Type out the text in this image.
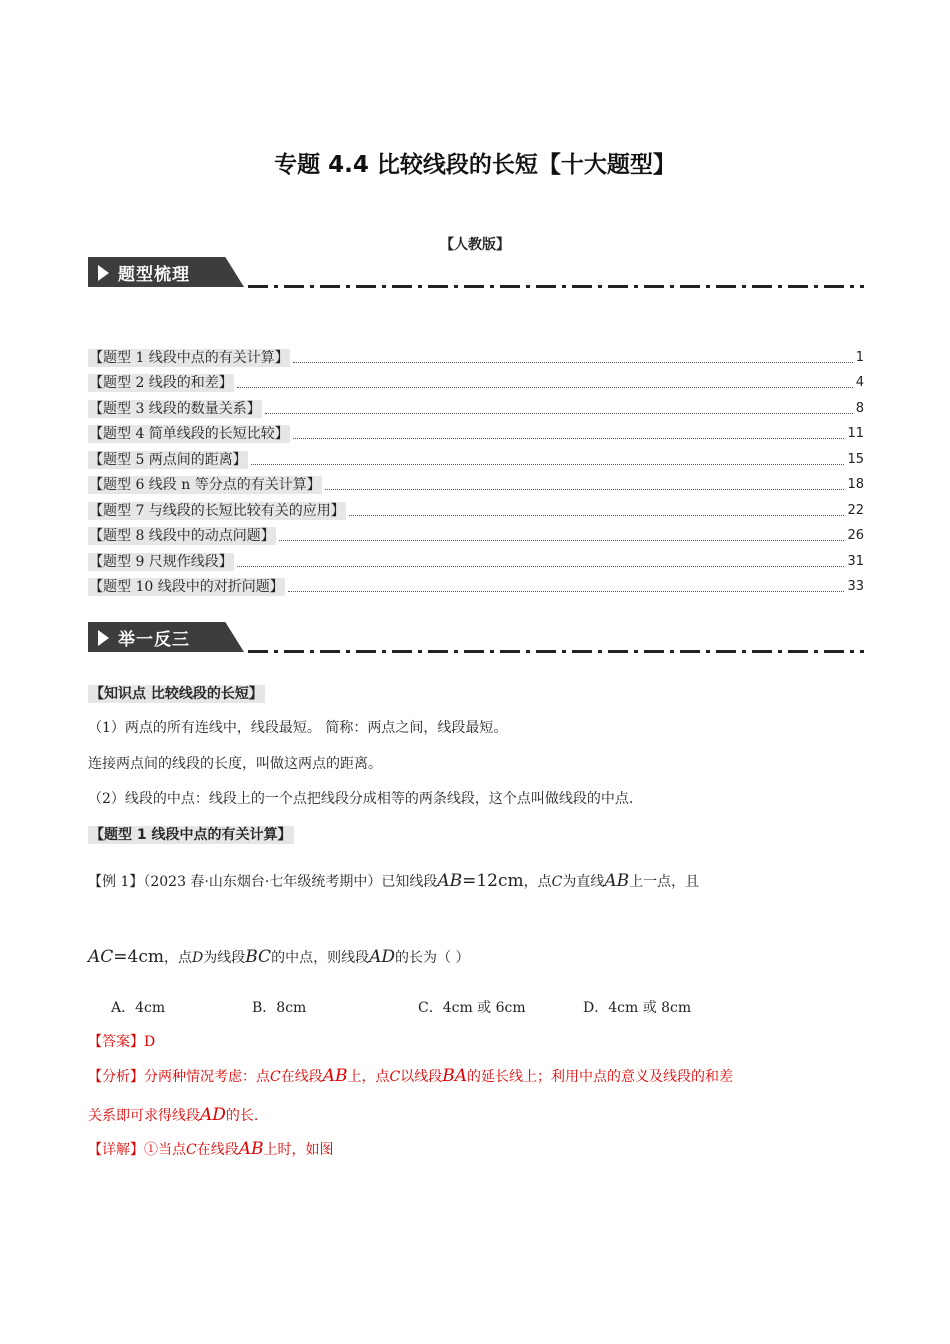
专题 4.4 比较线段的长短【十大题型】
【人教版】
题型梳理
【题型 1 线段中点的有关计算】	1
【题型 2 线段的和差】	4
【题型 3 线段的数量关系】	8
【题型 4 简单线段的长短比较】	11
【题型 5 两点间的距离】	15
【题型 6 线段 n 等分点的有关计算】	18
【题型 7 与线段的长短比较有关的应用】	22
【题型 8 线段中的动点问题】	26
【题型 9 尺规作线段】	31
【题型 10 线段中的对折问题】	33
举一反三
【知识点 比较线段的长短】
（1）两点的所有连线中，线段最短。 简称：两点之间，线段最短。
连接两点间的线段的长度，叫做这两点的距离。
（2）线段的中点：线段上的一个点把线段分成相等的两条线段，这个点叫做线段的中点.
【题型 1 线段中点的有关计算】
【例 1】（2023 春·山东烟台·七年级统考期中）已知线段AB=12cm，点C为直线AB上一点，且
AC=4cm，点D为线段BC的中点，则线段AD的长为（ ）
A．4cm	B．8cm	C．4cm 或 6cm	D．4cm 或 8cm
【答案】D
【分析】分两种情况考虑：点C在线段AB上，点C以线段BA的延长线上；利用中点的意义及线段的和差
关系即可求得线段AD的长.
【详解】①当点C在线段AB上时，如图
